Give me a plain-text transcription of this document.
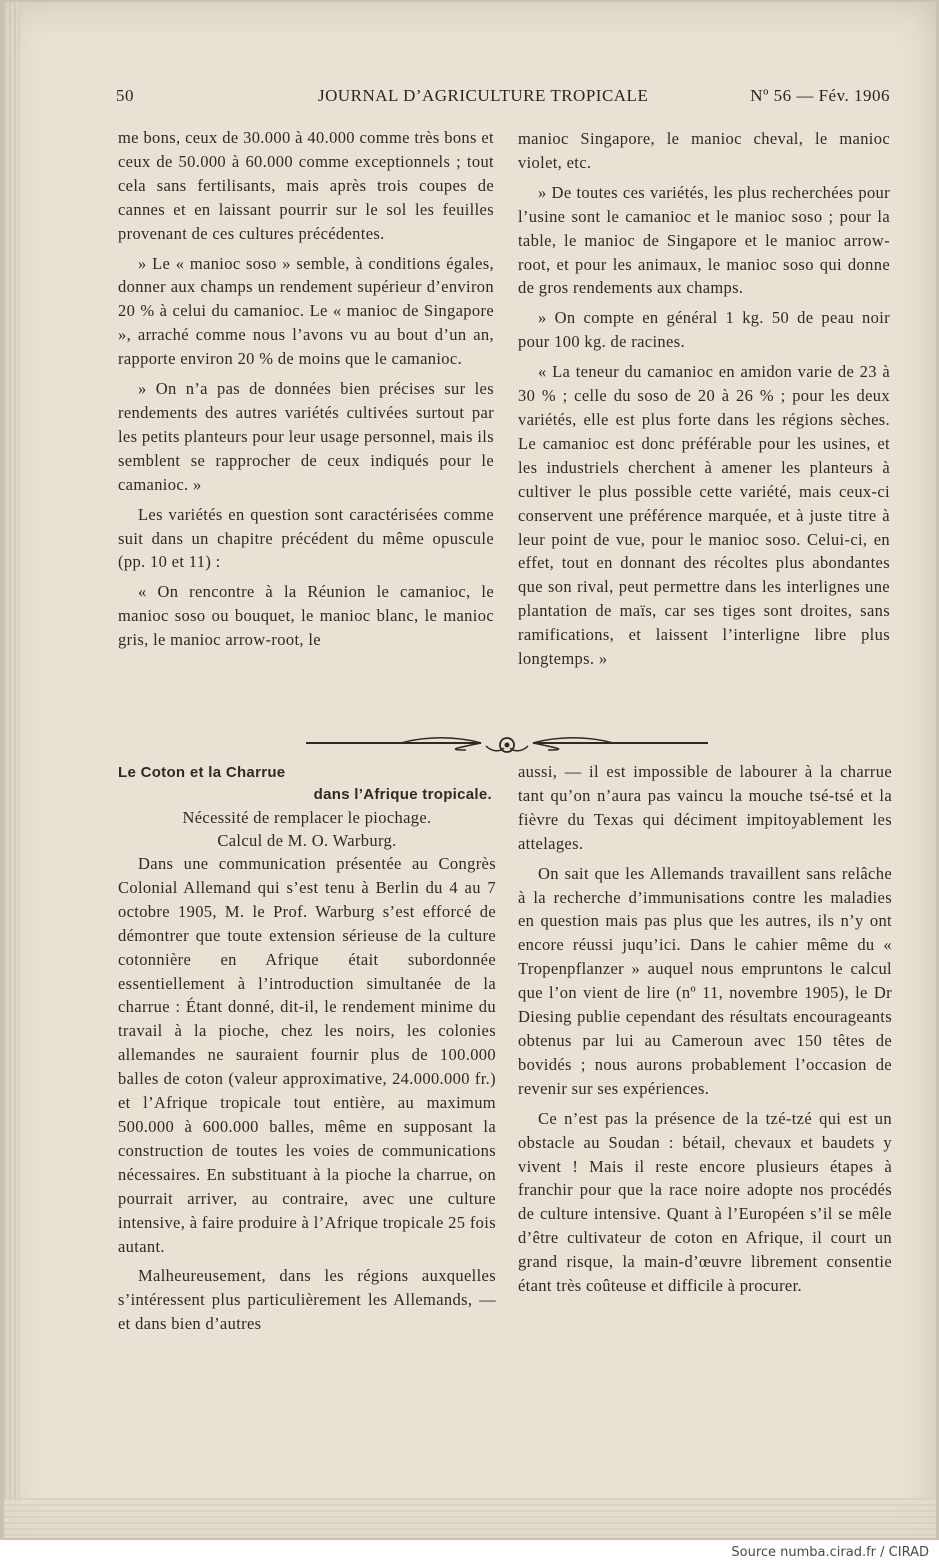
50	JOURNAL D’AGRICULTURE TROPICALE	Nº 56 — Fév. 1906

me bons, ceux de 30.000 à 40.000 comme très bons et ceux de 50.000 à 60.000 comme exceptionnels ; tout cela sans fertilisants, mais après trois coupes de cannes et en laissant pourrir sur le sol les feuilles provenant de ces cultures précédentes.

» Le « manioc soso » semble, à conditions égales, donner aux champs un rendement supérieur d’environ 20 % à celui du camanioc. Le « manioc de Singapore », arraché comme nous l’avons vu au bout d’un an, rapporte environ 20 % de moins que le camanioc.

» On n’a pas de données bien précises sur les rendements des autres variétés cultivées surtout par les petits planteurs pour leur usage personnel, mais ils semblent se rapprocher de ceux indiqués pour le camanioc. »

Les variétés en question sont caractérisées comme suit dans un chapitre précédent du même opuscule (pp. 10 et 11) :

« On rencontre à la Réunion le camanioc, le manioc soso ou bouquet, le manioc blanc, le manioc gris, le manioc arrow-root, le

manioc Singapore, le manioc cheval, le manioc violet, etc.

» De toutes ces variétés, les plus recherchées pour l’usine sont le camanioc et le manioc soso ; pour la table, le manioc de Singapore et le manioc arrow-root, et pour les animaux, le manioc soso qui donne de gros rendements aux champs.

» On compte en général 1 kg. 50 de peau noir pour 100 kg. de racines.

« La teneur du camanioc en amidon varie de 23 à 30 % ; celle du soso de 20 à 26 % ; pour les deux variétés, elle est plus forte dans les régions sèches. Le camanioc est donc préférable pour les usines, et les industriels cherchent à amener les planteurs à cultiver le plus possible cette variété, mais ceux-ci conservent une préférence marquée, et à juste titre à leur point de vue, pour le manioc soso. Celui-ci, en effet, tout en donnant des récoltes plus abondantes que son rival, peut permettre dans les interlignes une plantation de maïs, car ses tiges sont droites, sans ramifications, et laissent l’interligne libre plus longtemps. »

Le Coton et la Charrue
dans l’Afrique tropicale.
Nécessité de remplacer le piochage.
Calcul de M. O. Warburg.

Dans une communication présentée au Congrès Colonial Allemand qui s’est tenu à Berlin du 4 au 7 octobre 1905, M. le Prof. Warburg s’est efforcé de démontrer que toute extension sérieuse de la culture cotonnière en Afrique était subordonnée essentiellement à l’introduction simultanée de la charrue : Étant donné, dit-il, le rendement minime du travail à la pioche, chez les noirs, les colonies allemandes ne sauraient fournir plus de 100.000 balles de coton (valeur approximative, 24.000.000 fr.) et l’Afrique tropicale tout entière, au maximum 500.000 à 600.000 balles, même en supposant la construction de toutes les voies de communications nécessaires. En substituant à la pioche la charrue, on pourrait arriver, au contraire, avec une culture intensive, à faire produire à l’Afrique tropicale 25 fois autant.

Malheureusement, dans les régions auxquelles s’intéressent plus particulièrement les Allemands, — et dans bien d’autres

aussi, — il est impossible de labourer à la charrue tant qu’on n’aura pas vaincu la mouche tsé-tsé et la fièvre du Texas qui déciment impitoyablement les attelages.

On sait que les Allemands travaillent sans relâche à la recherche d’immunisations contre les maladies en question mais pas plus que les autres, ils n’y ont encore réussi juqu’ici. Dans le cahier même du « Tropenpflanzer » auquel nous empruntons le calcul que l’on vient de lire (nº 11, novembre 1905), le Dr Diesing publie cependant des résultats encourageants obtenus par lui au Cameroun avec 150 têtes de bovidés ; nous aurons probablement l’occasion de revenir sur ses expériences.

Ce n’est pas la présence de la tzé-tzé qui est un obstacle au Soudan : bétail, chevaux et baudets y vivent ! Mais il reste encore plusieurs étapes à franchir pour que la race noire adopte nos procédés de culture intensive. Quant à l’Européen s’il se mêle d’être cultivateur de coton en Afrique, il court un grand risque, la main-d’œuvre librement consentie étant très coûteuse et difficile à procurer.

Source numba.cirad.fr / CIRAD
